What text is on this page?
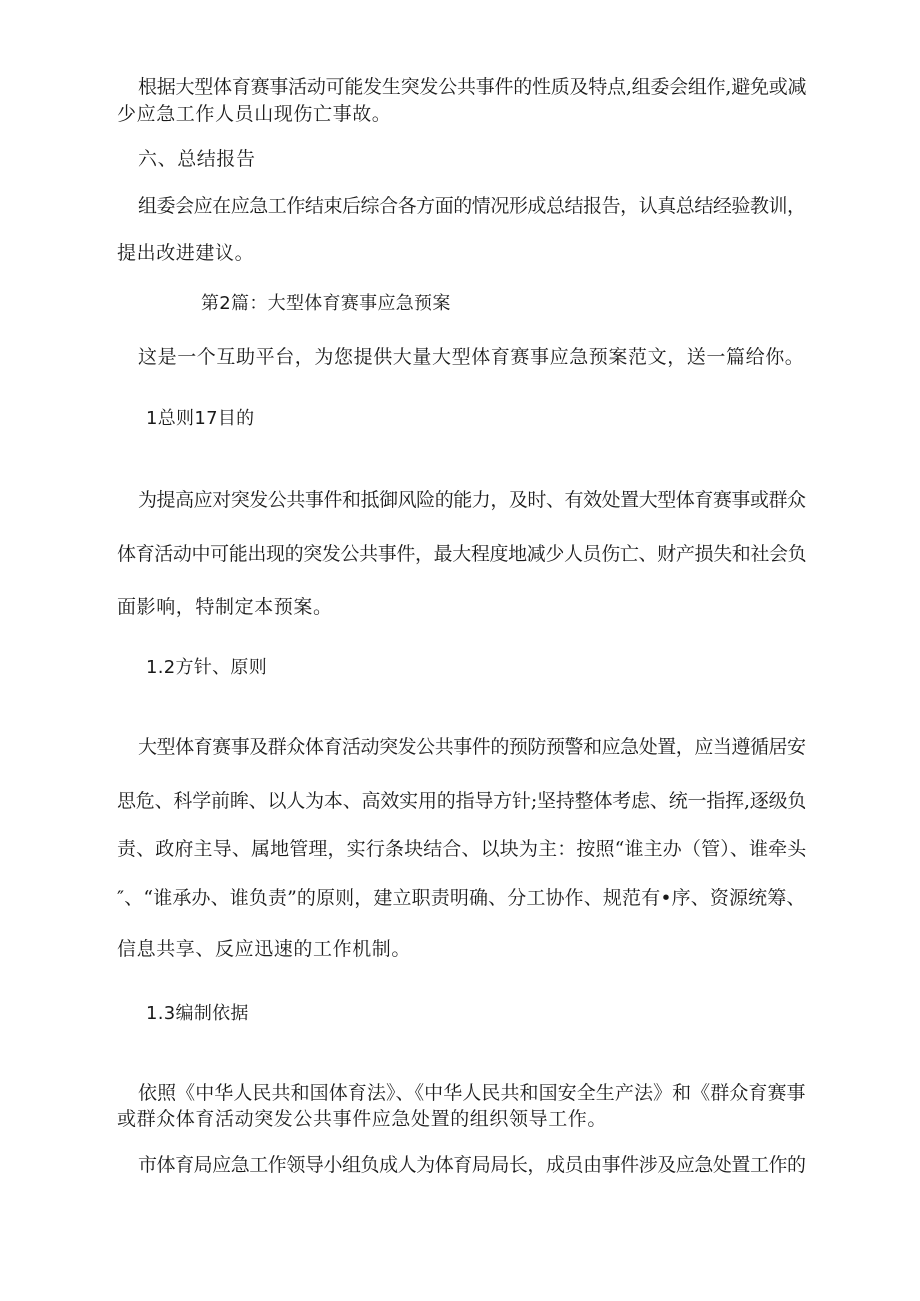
根据大型体育赛事活动可能发生突发公共事件的性质及特点,组委会组作,避免或减
少应急工作人员山现伤亡事故。
六、总结报告
组委会应在应急工作结束后综合各方面的情况形成总结报告，认真总结经验教训，
提出改进建议。
第2篇：大型体育赛事应急预案
这是一个互助平台，为您提供大量大型体育赛事应急预案范文，送一篇给你。
1总则17目的
为提高应对突发公共事件和抵御风险的能力，及时、有效处置大型体育赛事或群众
体育活动中可能出现的突发公共事件，最大程度地减少人员伤亡、财产损失和社会负
面影响，特制定本预案。
1.2方针、原则
大型体育赛事及群众体育活动突发公共事件的预防预警和应急处置，应当遵循居安
思危、科学前眸、以人为本、高效实用的指导方针;坚持整体考虑、统一指挥,逐级负
责、政府主导、属地管理，实行条块结合、以块为主：按照“谁主办（管）、谁牵头
″、“谁承办、谁负责”的原则，建立职责明确、分工协作、规范有•序、资源统筹、
信息共享、反应迅速的工作机制。
1.3编制依据
依照《中华人民共和国体育法》、《中华人民共和国安全生产法》和《群众育赛事
或群众体育活动突发公共事件应急处置的组织领导工作。
市体育局应急工作领导小组负成人为体育局局长，成员由事件涉及应急处置工作的
